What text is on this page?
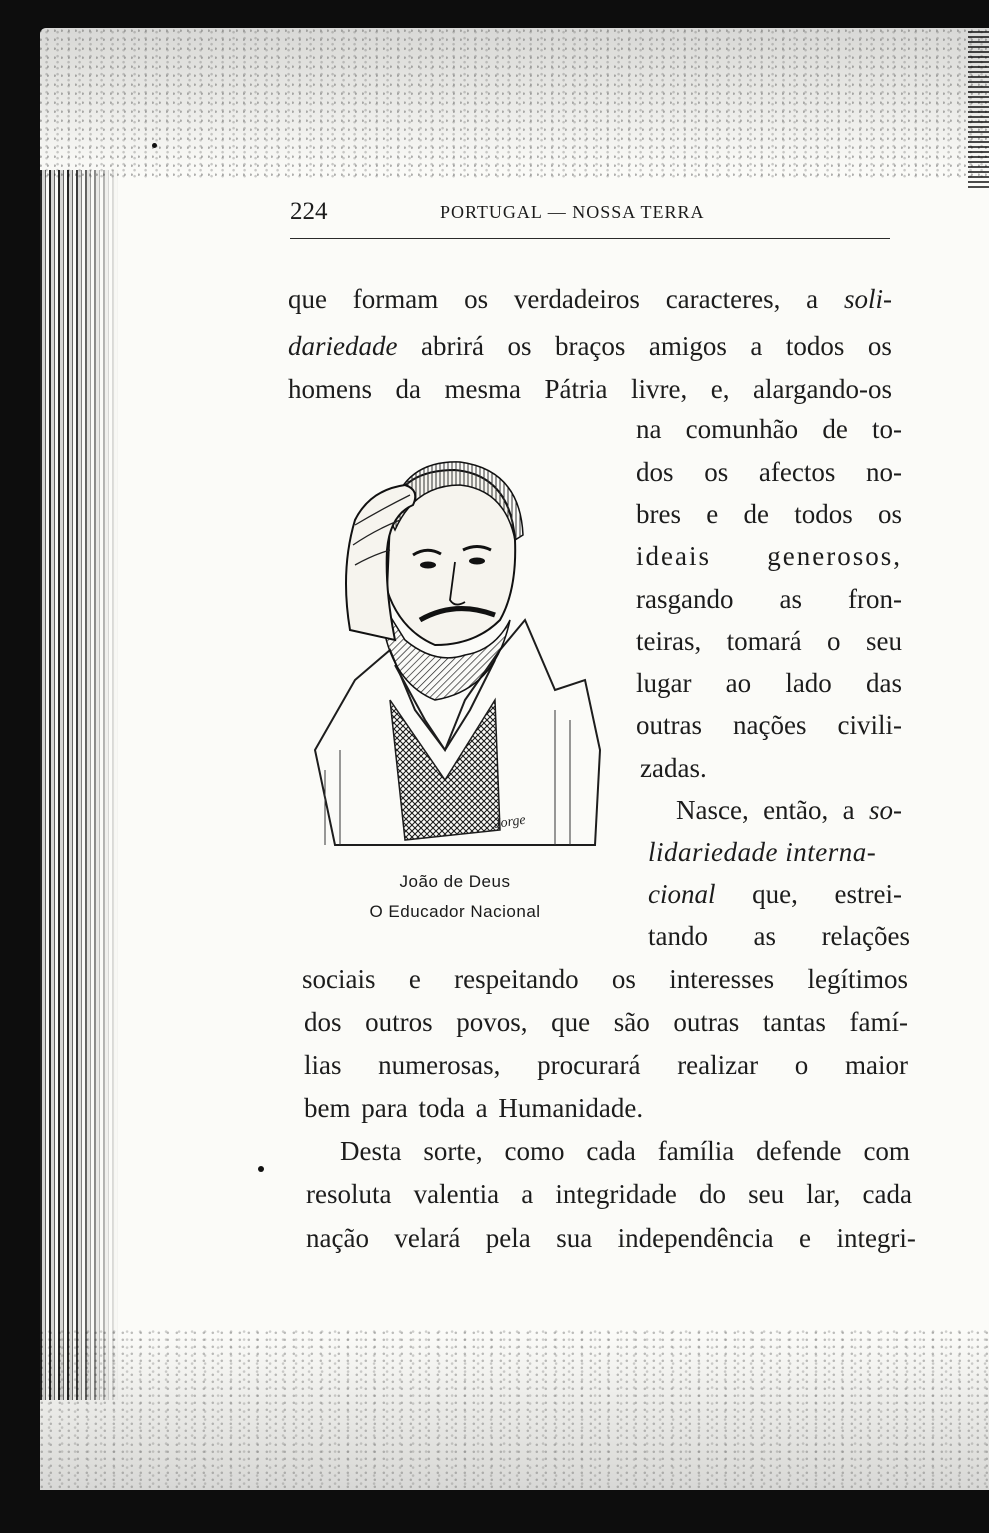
224	PORTUGAL — NOSSA TERRA
que formam os verdadeiros caracteres, a soli-
dariedade abrirá os braços amigos a todos os
homens da mesma Pátria livre, e, alargando-os
na comunhão de to-
dos os afectos no-
bres e de todos os
ideais generosos,
rasgando as fron-
teiras, tomará o seu
lugar ao lado das
outras nações civili-
zadas.
Nasce, então, a so-
lidariedade interna-
cional que, estrei-
tando as relações
sociais e respeitando os interesses legítimos
dos outros povos, que são outras tantas famí-
lias numerosas, procurará realizar o maior
bem para toda a Humanidade.
Desta sorte, como cada família defende com
resoluta valentia a integridade do seu lar, cada
nação velará pela sua independência e integri-
Jorge
João de Deus
O Educador Nacional
